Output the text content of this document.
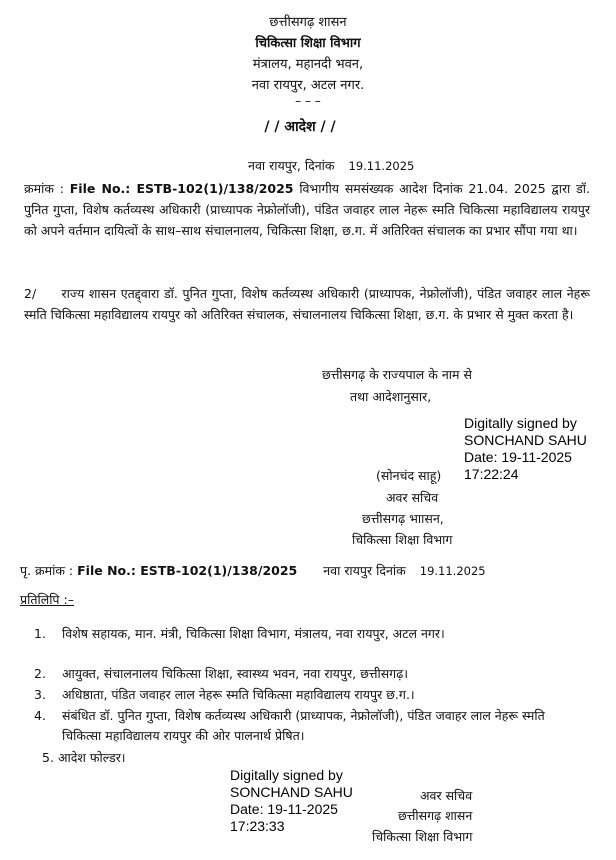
छत्तीसगढ़ शासन
चिकित्सा शिक्षा विभाग
मंत्रालय, महानदी भवन,
नवा रायपुर, अटल नगर.
– – –
/ / आदेश / /
नवा रायपुर, दिनांक 19.11.2025
क्रमांक : File No.: ESTB-102(1)/138/2025 विभागीय समसंख्यक आदेश दिनांक 21.04. 2025 द्वारा डॉ. पुनित गुप्ता, विशेष कर्तव्यस्थ अधिकारी (प्राध्यापक नेफ्रोलॉजी), पंडित जवाहर लाल नेहरू स्मति चिकित्सा महाविद्यालय रायपुर को अपने वर्तमान दायित्वों के साथ–साथ संचालनालय, चिकित्सा शिक्षा, छ.ग. में अतिरिक्त संचालक का प्रभार सौंपा गया था।
2/ राज्य शासन एतद्द्वारा डॉ. पुनित गुप्ता, विशेष कर्तव्यस्थ अधिकारी (प्राध्यापक, नेफ्रोलॉजी), पंडित जवाहर लाल नेहरू स्मति चिकित्सा महाविद्यालय रायपुर को अतिरिक्त संचालक, संचालनालय चिकित्सा शिक्षा, छ.ग. के प्रभार से मुक्त करता है।
छत्तीसगढ़ के राज्यपाल के नाम से
तथा आदेशानुसार,
Digitally signed by
SONCHAND SAHU
Date: 19-11-2025
17:22:24
(सोनचंद साहू)
अवर सचिव
छत्तीसगढ़ भाासन,
चिकित्सा शिक्षा विभाग
पृ. क्रमांक : File No.: ESTB-102(1)/138/2025 नवा रायपुर दिनांक 19.11.2025
प्रतिलिपि :–
1. विशेष सहायक, मान. मंत्री, चिकित्सा शिक्षा विभाग, मंत्रालय, नवा रायपुर, अटल नगर।
2. आयुक्त, संचालनालय चिकित्सा शिक्षा, स्वास्थ्य भवन, नवा रायपुर, छत्तीसगढ़।
3. अधिष्ठाता, पंडित जवाहर लाल नेहरू स्मति चिकित्सा महाविद्यालय रायपुर छ.ग.।
4. संबंधित डॉ. पुनित गुप्ता, विशेष कर्तव्यस्थ अधिकारी (प्राध्यापक, नेफ्रोलॉजी), पंडित जवाहर लाल नेहरू स्मति चिकित्सा महाविद्यालय रायपुर की ओर पालनार्थ प्रेषित।
5. आदेश फोल्डर।
Digitally signed by
SONCHAND SAHU
Date: 19-11-2025
17:23:33
अवर सचिव
छत्तीसगढ़ शासन
चिकित्सा शिक्षा विभाग
